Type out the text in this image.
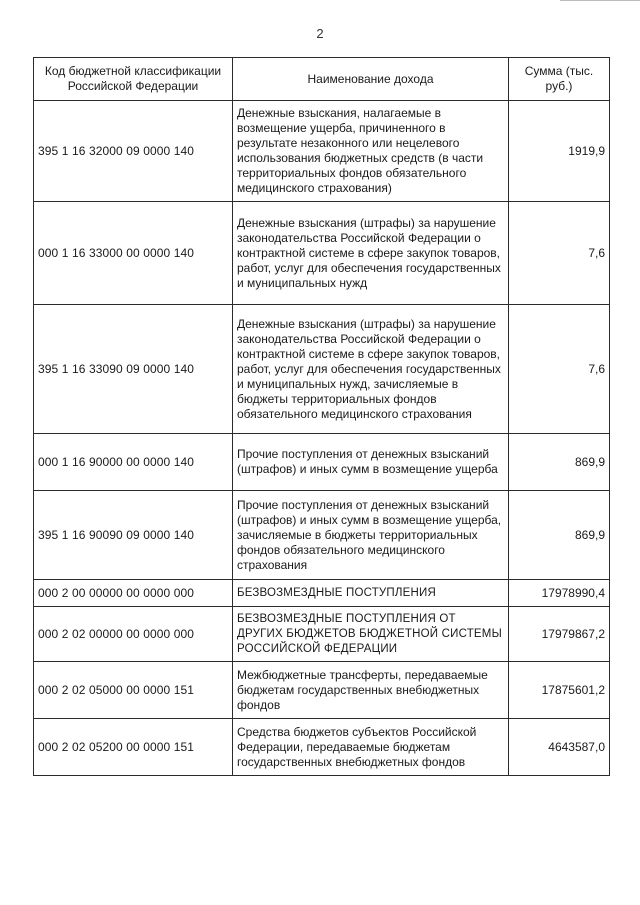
2
Код бюджетной классификации Российской Федерации	Наименование дохода	Сумма (тыс. руб.)
395 1 16 32000 09 0000 140	Денежные взыскания, налагаемые в возмещение ущерба, причиненного в результате незаконного или нецелевого использования бюджетных средств (в части территориальных фондов обязательного медицинского страхования)	1919,9
000 1 16 33000 00 0000 140	Денежные взыскания (штрафы) за нарушение законодательства Российской Федерации о контрактной системе в сфере закупок товаров, работ, услуг для обеспечения государственных и муниципальных нужд	7,6
395 1 16 33090 09 0000 140	Денежные взыскания (штрафы) за нарушение законодательства Российской Федерации о контрактной системе в сфере закупок товаров, работ, услуг для обеспечения государственных и муниципальных нужд, зачисляемые в бюджеты территориальных фондов обязательного медицинского страхования	7,6
000 1 16 90000 00 0000 140	Прочие поступления от денежных взысканий (штрафов) и иных сумм в возмещение ущерба	869,9
395 1 16 90090 09 0000 140	Прочие поступления от денежных взысканий (штрафов) и иных сумм в возмещение ущерба, зачисляемые в бюджеты территориальных фондов обязательного медицинского страхования	869,9
000 2 00 00000 00 0000 000	БЕЗВОЗМЕЗДНЫЕ ПОСТУПЛЕНИЯ	17978990,4
000 2 02 00000 00 0000 000	БЕЗВОЗМЕЗДНЫЕ ПОСТУПЛЕНИЯ ОТ ДРУГИХ БЮДЖЕТОВ БЮДЖЕТНОЙ СИСТЕМЫ РОССИЙСКОЙ ФЕДЕРАЦИИ	17979867,2
000 2 02 05000 00 0000 151	Межбюджетные трансферты, передаваемые бюджетам государственных внебюджетных фондов	17875601,2
000 2 02 05200 00 0000 151	Средства бюджетов субъектов Российской Федерации, передаваемые бюджетам государственных внебюджетных фондов	4643587,0
